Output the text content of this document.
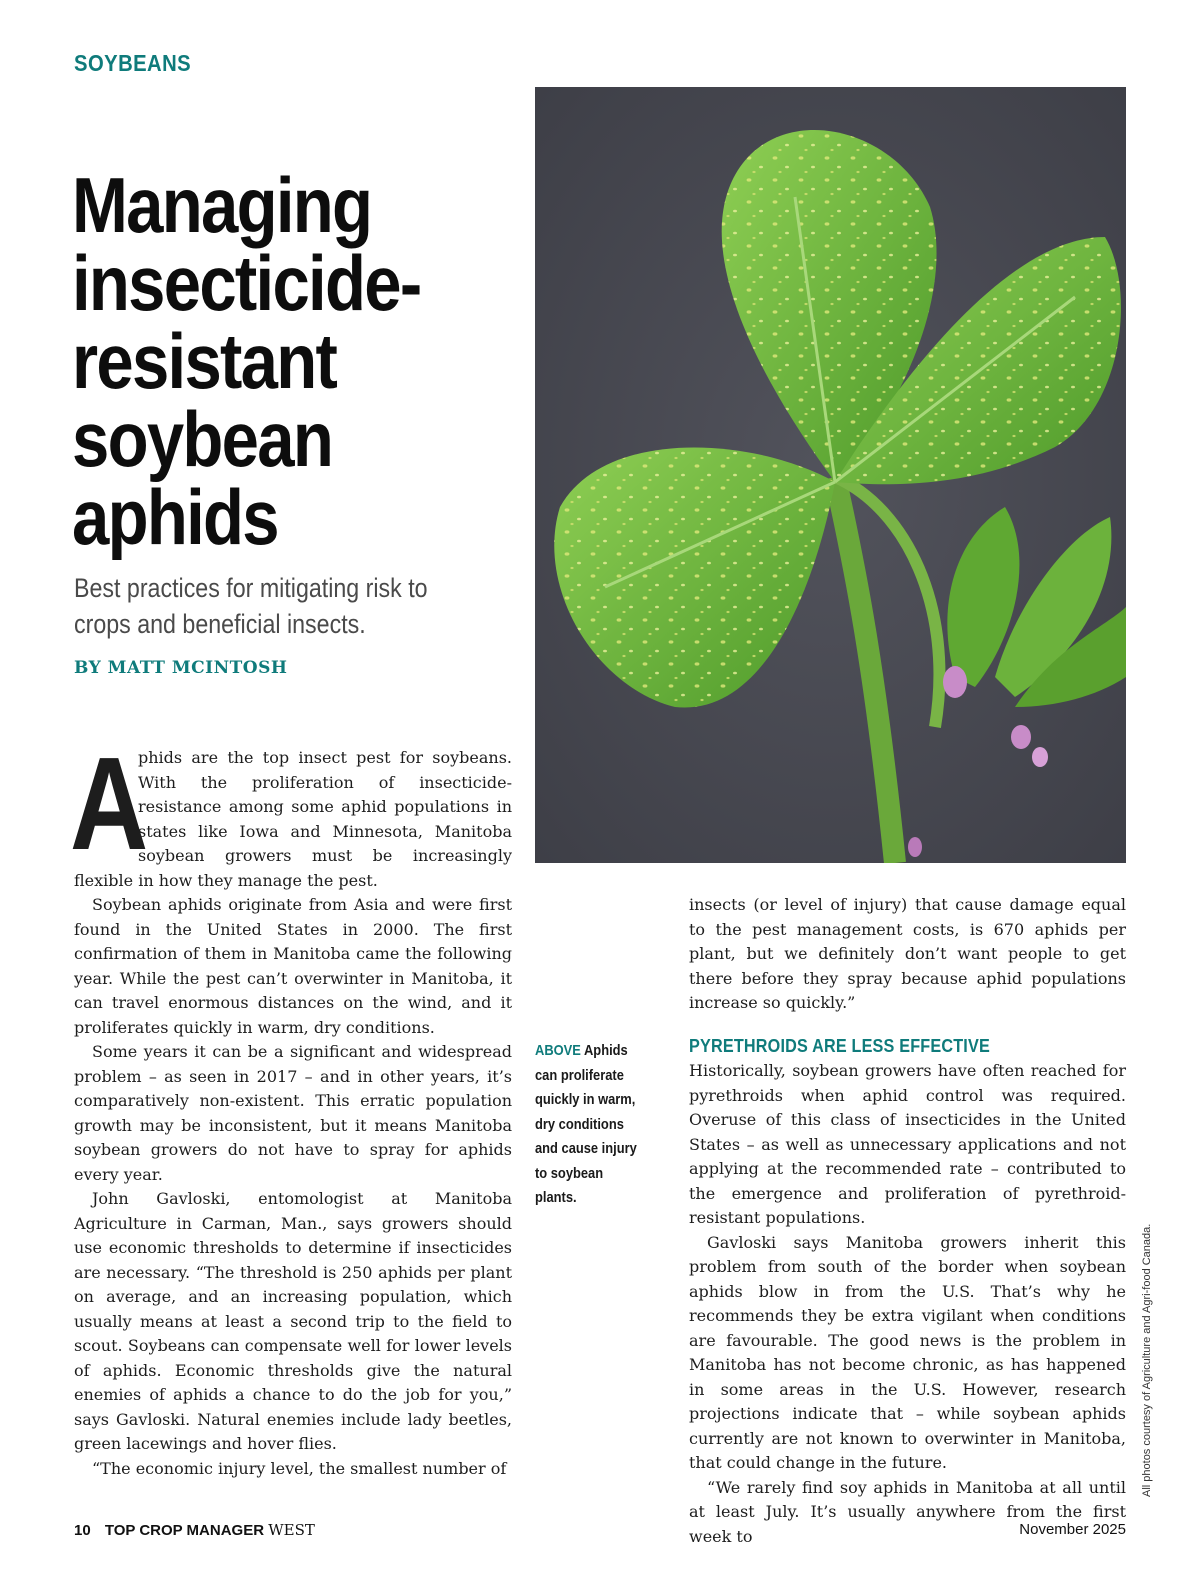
SOYBEANS
Managing insecticide-resistant soybean aphids
Best practices for mitigating risk to crops and beneficial insects.
BY MATT MCINTOSH

A
phids are the top insect pest for soybeans. With the proliferation of insecticide-resistance among some aphid populations in states like Iowa and Minnesota, Manitoba soybean growers must be increasingly flexible in how they manage the pest.

Soybean aphids originate from Asia and were first found in the United States in 2000. The first confirmation of them in Manitoba came the following year. While the pest can’t overwinter in Manitoba, it can travel enormous distances on the wind, and it proliferates quickly in warm, dry conditions.

Some years it can be a significant and widespread problem – as seen in 2017 – and in other years, it’s comparatively non-existent. This erratic population growth may be inconsistent, but it means Manitoba soybean growers do not have to spray for aphids every year.

John Gavloski, entomologist at Manitoba Agriculture in Carman, Man., says growers should use economic thresholds to determine if insecticides are necessary. “The threshold is 250 aphids per plant on average, and an increasing population, which usually means at least a second trip to the field to scout. Soybeans can compensate well for lower levels of aphids. Economic thresholds give the natural enemies of aphids a chance to do the job for you,” says Gavloski. Natural enemies include lady beetles, green lacewings and hover flies.

“The economic injury level, the smallest number of

ABOVE Aphids can proliferate quickly in warm, dry conditions and cause injury to soybean plants.

insects (or level of injury) that cause damage equal to the pest management costs, is 670 aphids per plant, but we definitely don’t want people to get there before they spray because aphid populations increase so quickly.”

PYRETHROIDS ARE LESS EFFECTIVE

Historically, soybean growers have often reached for pyrethroids when aphid control was required. Overuse of this class of insecticides in the United States – as well as unnecessary applications and not applying at the recommended rate – contributed to the emergence and proliferation of pyrethroid-resistant populations.

Gavloski says Manitoba growers inherit this problem from south of the border when soybean aphids blow in from the U.S. That’s why he recommends they be extra vigilant when conditions are favourable. The good news is the problem in Manitoba has not become chronic, as has happened in some areas in the U.S. However, research projections indicate that – while soybean aphids currently are not known to overwinter in Manitoba, that could change in the future.

“We rarely find soy aphids in Manitoba at all until at least July. It’s usually anywhere from the first week to

All photos courtesy of Agriculture and Agri-food Canada.
10 TOP CROP MANAGER WEST	November 2025
